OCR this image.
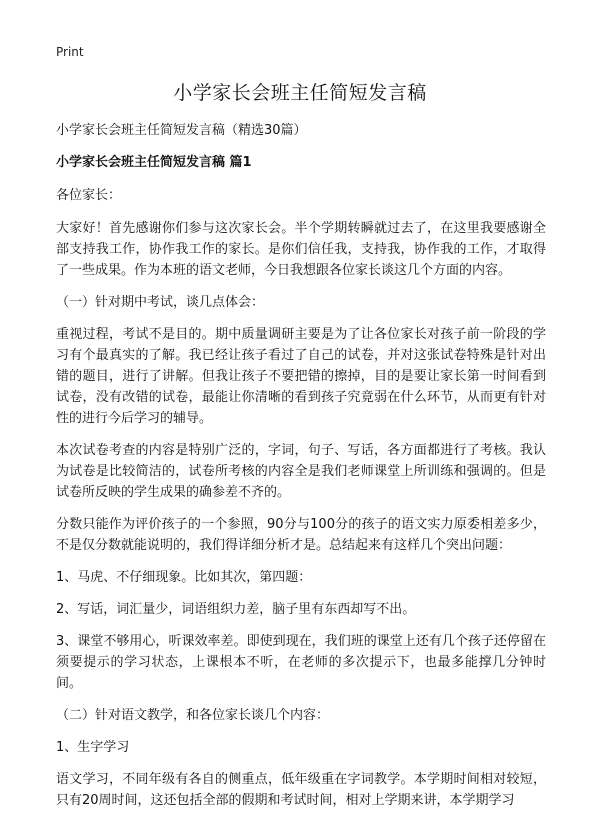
Print
小学家长会班主任简短发言稿

小学家长会班主任简短发言稿（精选30篇）

小学家长会班主任简短发言稿 篇1

各位家长：

大家好！首先感谢你们参与这次家长会。半个学期转瞬就过去了，在这里我要感谢全部支持我工作，协作我工作的家长。是你们信任我，支持我，协作我的工作，才取得了一些成果。作为本班的语文老师，今日我想跟各位家长谈这几个方面的内容。

（一）针对期中考试，谈几点体会：

重视过程，考试不是目的。期中质量调研主要是为了让各位家长对孩子前一阶段的学习有个最真实的了解。我已经让孩子看过了自己的试卷，并对这张试卷特殊是针对出错的题目，进行了讲解。但我让孩子不要把错的擦掉，目的是要让家长第一时间看到试卷，没有改错的试卷，最能让你清晰的看到孩子究竟弱在什么环节，从而更有针对性的进行今后学习的辅导。

本次试卷考查的内容是特别广泛的，字词，句子、写话，各方面都进行了考核。我认为试卷是比较简洁的，试卷所考核的内容全是我们老师课堂上所训练和强调的。但是试卷所反映的学生成果的确参差不齐的。

分数只能作为评价孩子的一个参照，90分与100分的孩子的语文实力原委相差多少，不是仅分数就能说明的，我们得详细分析才是。总结起来有这样几个突出问题：

1、马虎、不仔细现象。比如其次，第四题：

2、写话，词汇量少，词语组织力差，脑子里有东西却写不出。

3、课堂不够用心，听课效率差。即使到现在，我们班的课堂上还有几个孩子还停留在须要提示的学习状态，上课根本不听，在老师的多次提示下，也最多能撑几分钟时间。

（二）针对语文教学，和各位家长谈几个内容：

1、生字学习

语文学习，不同年级有各自的侧重点，低年级重在字词教学。本学期时间相对较短，只有20周时间，这还包括全部的假期和考试时间，相对上学期来讲，本学期学习
